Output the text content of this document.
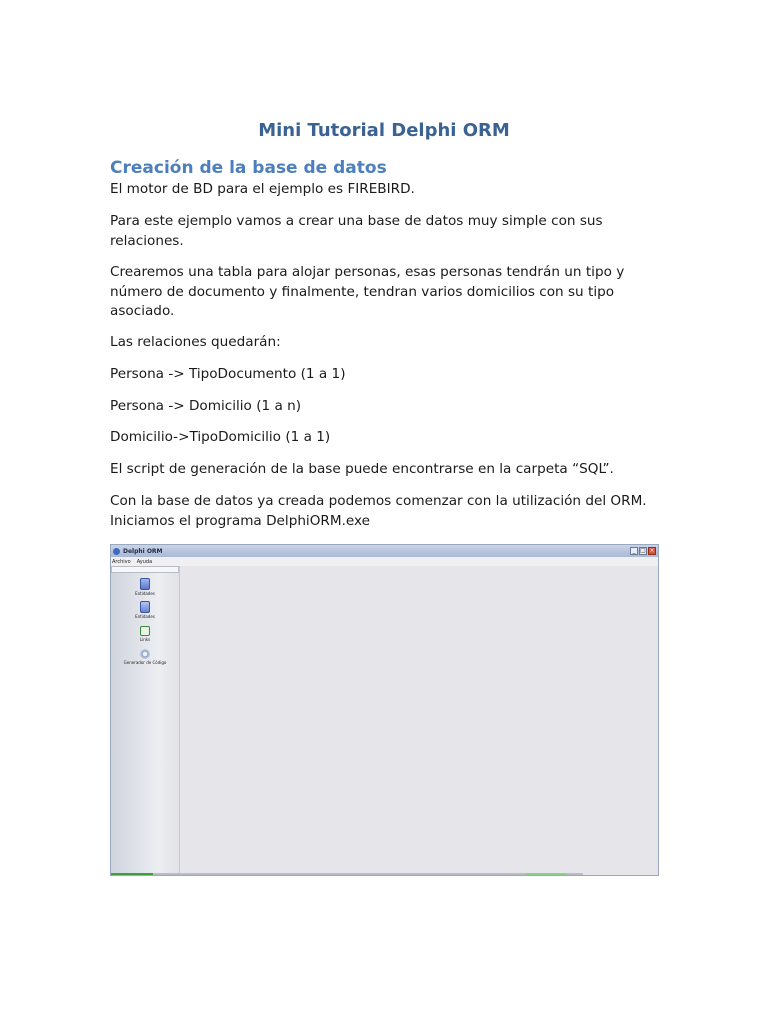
Mini Tutorial Delphi ORM
Creación de la base de datos

El motor de BD para el ejemplo es FIREBIRD.

Para este ejemplo vamos a crear una base de datos muy simple con sus relaciones.

Crearemos una tabla para alojar personas, esas personas tendrán un tipo y número de documento y finalmente, tendran varios domicilios con su tipo asociado.

Las relaciones quedarán:

Persona -> TipoDocumento (1 a 1)

Persona -> Domicilio (1 a n)

Domicilio->TipoDomicilio (1 a 1)

El script de generación de la base puede encontrarse en la carpeta “SQL”.

Con la base de datos ya creada podemos comenzar con la utilización del ORM. Iniciamos el programa DelphiORM.exe

Delphi ORM	_ □ ×
Archivo Ayuda
Entidades
Entidades
Links
Generador de Código
